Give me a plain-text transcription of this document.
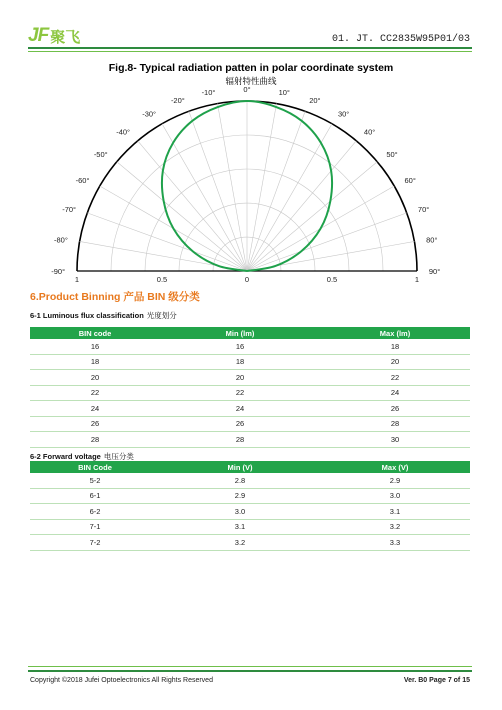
JF 聚飞	01. JT. CC2835W95P01/03
Fig.8- Typical radiation patten in polar coordinate system
辐射特性曲线
-90°
-80°
-70°
-60°
-50°
-40°
-30°
-20°
-10°	0°	10°
20°
30°
40°
50°
60°
70°
80°
90°
1	0.5	0	0.5	1
6.Product Binning 产品 BIN 级分类
6-1 Luminous flux classification 光度划分
BIN code	Min (lm)	Max (lm)
16	16	18
18	18	20
20	20	22
22	22	24
24	24	26
26	26	28
28	28	30
6-2 Forward voltage 电压分类
BIN Code	Min (V)	Max (V)
5-2	2.8	2.9
6-1	2.9	3.0
6-2	3.0	3.1
7-1	3.1	3.2
7-2	3.2	3.3
Copyright ©2018 Jufei Optoelectronics All Rights Reserved	Ver. B0 Page 7 of 15
